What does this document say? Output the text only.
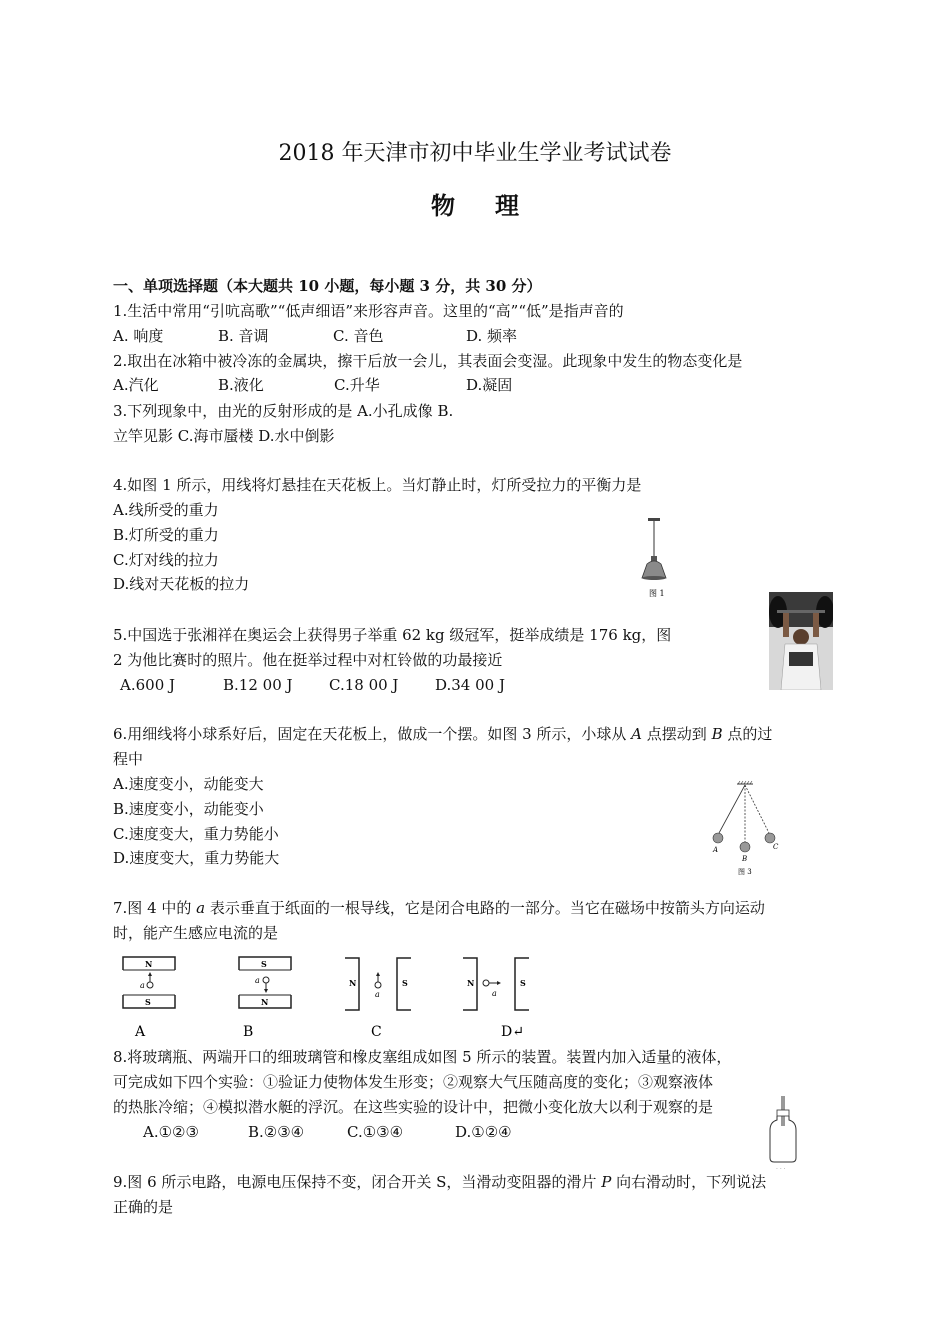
2018 年天津市初中毕业生学业考试试卷
物理
一、单项选择题（本大题共 10 小题，每小题 3 分，共 30 分）
1.生活中常用“引吭高歌”“低声细语”来形容声音。这里的“高”“低”是指声音的
A. 响度	B. 音调	C. 音色	D. 频率
2.取出在冰箱中被冷冻的金属块，擦干后放一会儿，其表面会变湿。此现象中发生的物态变化是
A.汽化	B.液化	C.升华	D.凝固
3.下列现象中，由光的反射形成的是 A.小孔成像 B.
立竿见影 C.海市蜃楼 D.水中倒影
4.如图 1 所示，用线将灯悬挂在天花板上。当灯静止时，灯所受拉力的平衡力是
A.线所受的重力
B.灯所受的重力
C.灯对线的拉力
D.线对天花板的拉力
图 1
5.中国选于张湘祥在奥运会上获得男子举重 62 kg 级冠军，挺举成绩是 176 kg，图
2 为他比赛时的照片。他在挺举过程中对杠铃做的功最接近
A.600 J	B.12 00 J C.18 00 J D.34 00 J
6.用细线将小球系好后，固定在天花板上，做成一个摆。如图 3 所示，小球从 A 点摆动到 B 点的过
程中
A.速度变小，动能变大
B.速度变小，动能变小
C.速度变大，重力势能小
D.速度变大，重力势能大	A
B
C
图 3
7.图 4 中的 a 表示垂直于纸面的一根导线，它是闭合电路的一部分。当它在磁场中按箭头方向运动
时，能产生感应电流的是
N
S
a
A
S
N
a
B
N	S
a
C
N	S
a
D↵
8.将玻璃瓶、两端开口的细玻璃管和橡皮塞组成如图 5 所示的装置。装置内加入适量的液体，
可完成如下四个实验：①验证力使物体发生形变；②观察大气压随高度的变化；③观察液体
的热胀冷缩；④模拟潜水艇的浮沉。在这些实验的设计中，把微小变化放大以利于观察的是
A.①②③	B.②③④	C.①③④	D.①②④
. . .
9.图 6 所示电路，电源电压保持不变，闭合开关 S，当滑动变阻器的滑片 P 向右滑动时，下列说法
正确的是
